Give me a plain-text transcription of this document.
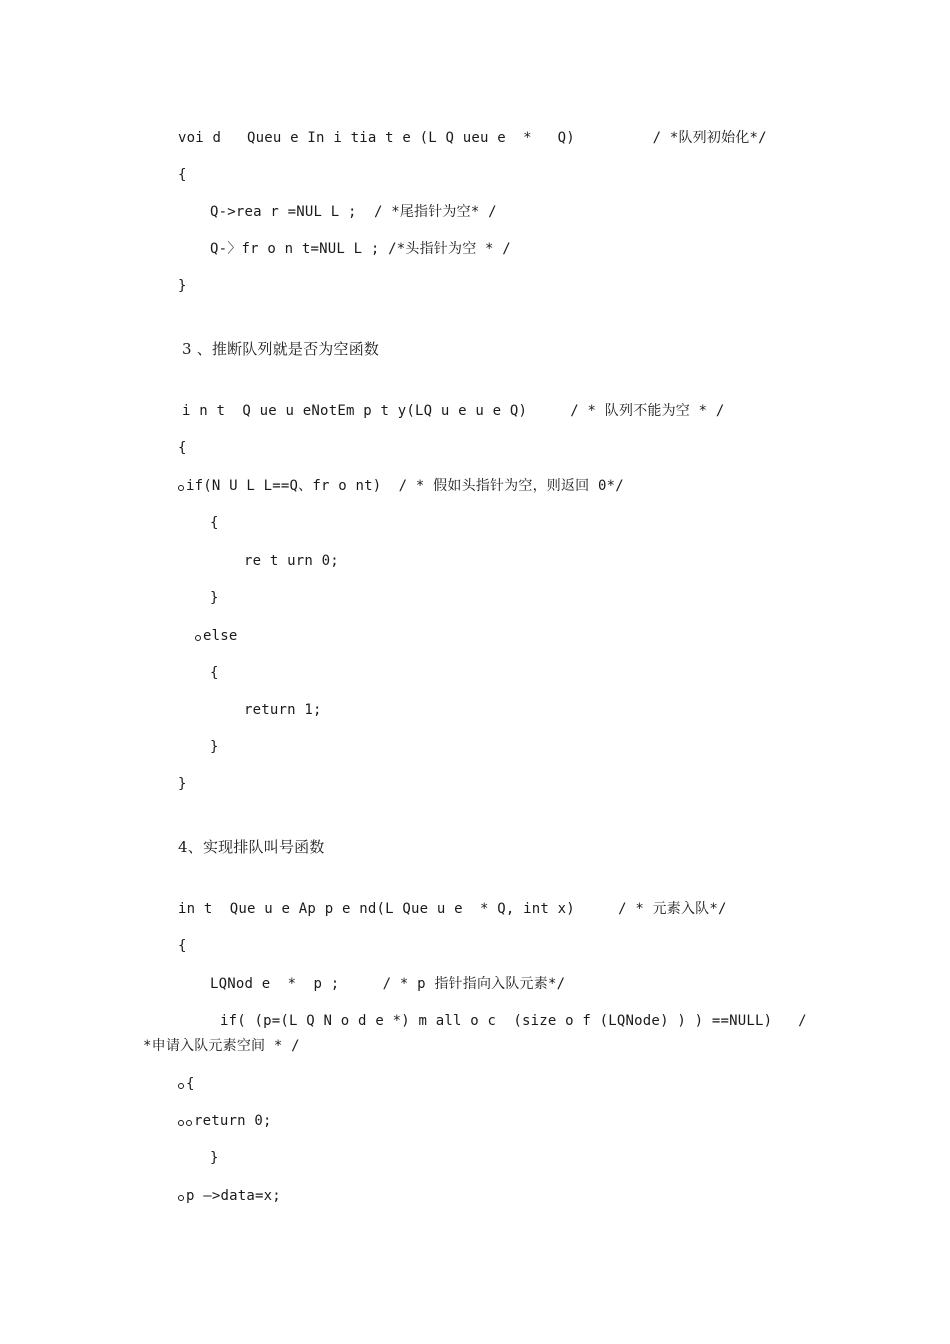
voi d   Queu e In i tia t e (L Q ueu e  *   Q)         / *队列初始化*/
{
Q->rea r =NUL L ;  / *尾指针为空* /
Q-〉fr o n t=NUL L ; /*头指针为空 * /
}
3 、推断队列就是否为空函数
i n t  Q ue u eNotEm p t y(LQ u e u e Q)     / * 队列不能为空 * /
{
if(N U L L==Q、fr o nt)  / * 假如头指针为空，则返回 0*/
{
re t urn 0;
}
else
{
return 1;
}
}
4、实现排队叫号函数
in t  Que u e Ap p e nd(L Que u e  * Q, int x)     / * 元素入队*/
{
LQNod e  *  p ;     / * p 指针指向入队元素*/
if( (p=(L Q N o d e *) m all o c  (size o f (LQNode) ) ) ==NULL)   /
*申请入队元素空间 * /
{
return 0;
}
p —>data=x;
